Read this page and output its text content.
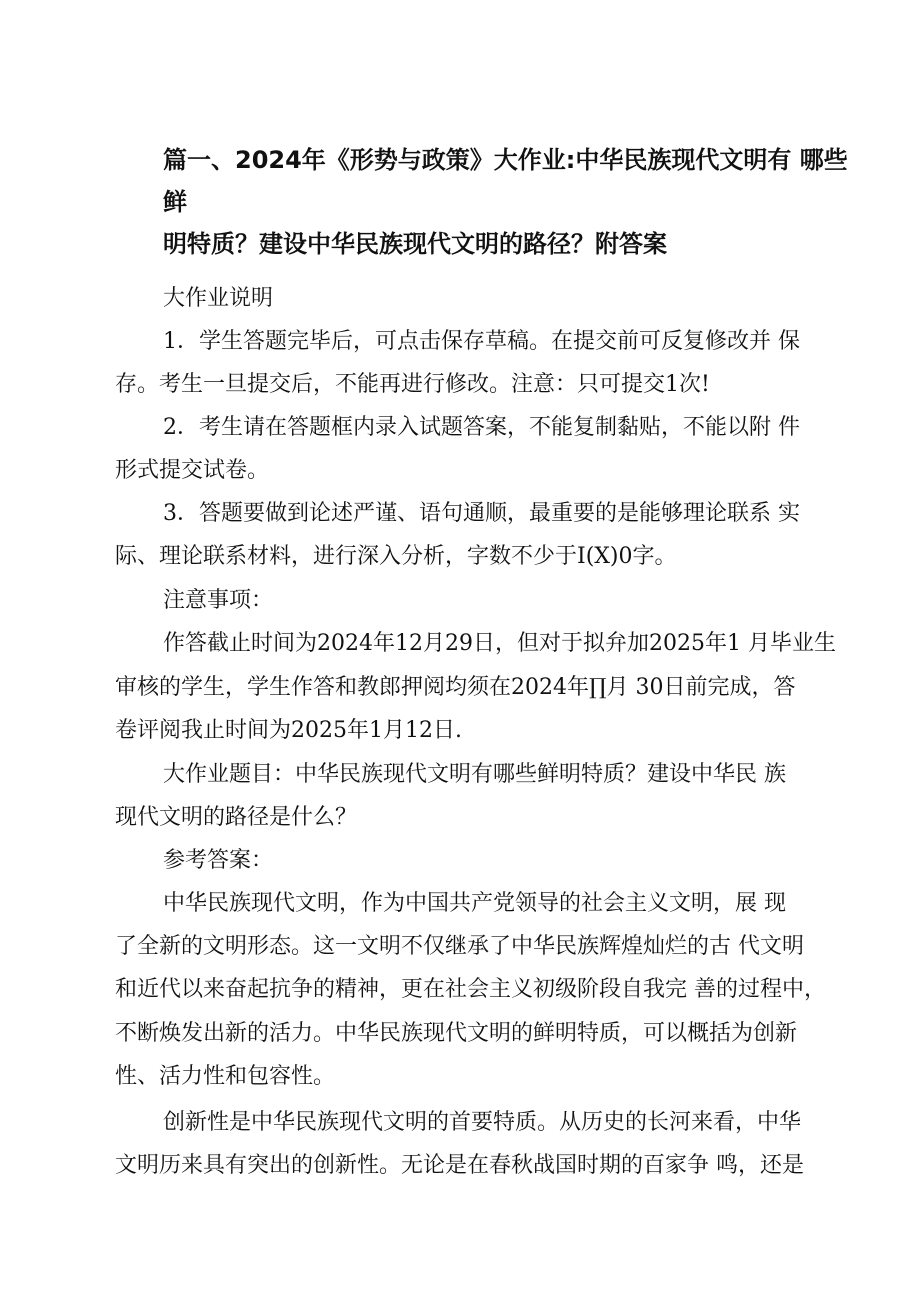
篇一、2024年《形势与政策》大作业:中华民族现代文明有 哪些鲜
明特质？建设中华民族现代文明的路径？附答案
大作业说明
1．学生答题完毕后，可点击保存草稿。在提交前可反复修改并 保
存。考生一旦提交后，不能再进行修改。注意：只可提交1次!
2．考生请在答题框内录入试题答案，不能复制黏贴，不能以附 件
形式提交试卷。
3．答题要做到论述严谨、语句通顺，最重要的是能够理论联系 实
际、理论联系材料，进行深入分析，字数不少于I(X)0字。
注意事项：
作答截止时间为2024年12月29日，但对于拟弁加2025年1 月毕业生
审核的学生，学生作答和教郎押阅均须在2024年∏月 30日前完成，答
卷评阅我止时间为2025年1月12日.
大作业题目：中华民族现代文明有哪些鲜明特质？建设中华民 族
现代文明的路径是什么？
参考答案：
中华民族现代文明，作为中国共产党领导的社会主义文明，展 现
了全新的文明形态。这一文明不仅继承了中华民族辉煌灿烂的古 代文明
和近代以来奋起抗争的精神，更在社会主义初级阶段自我完 善的过程中，
不断焕发出新的活力。中华民族现代文明的鲜明特质，可以概括为创新
性、活力性和包容性。
创新性是中华民族现代文明的首要特质。从历史的长河来看，中华
文明历来具有突出的创新性。无论是在春秋战国时期的百家争 鸣，还是
